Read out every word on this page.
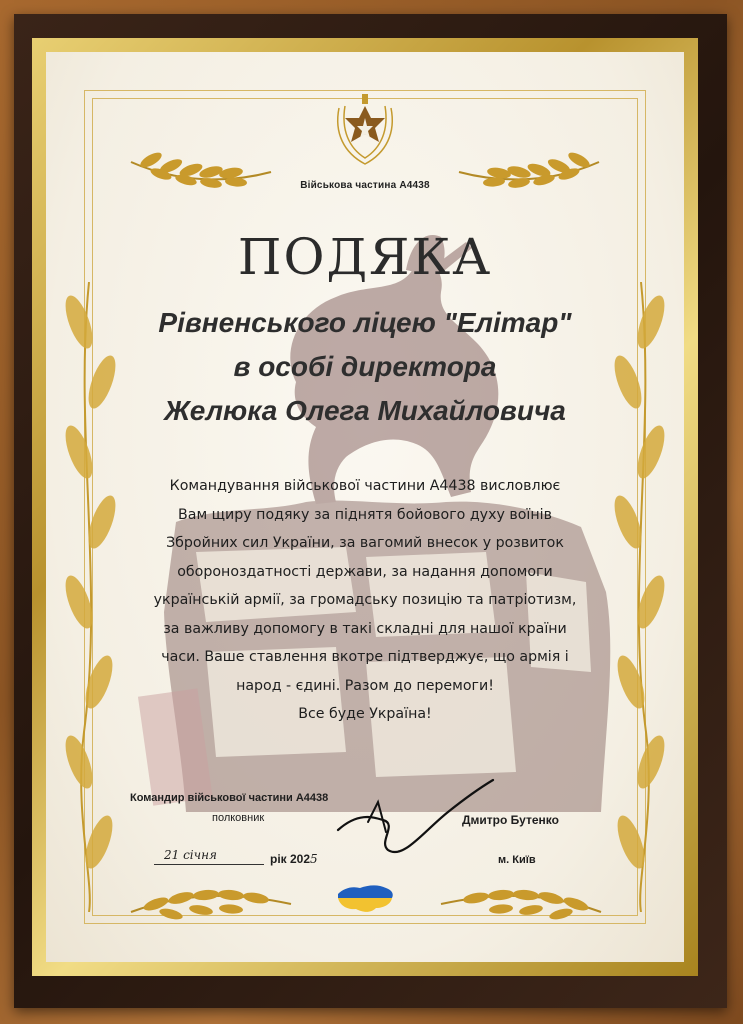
Військова частина А4438
ПОДЯКА
Рівненського ліцею "Елітар"
в особі директора
Желюка Олега Михайловича
Командування військової частини А4438 висловлює
Вам щиру подяку за піднятя бойового духу воїнів
Збройних сил України, за вагомий внесок у розвиток
обороноздатності держави, за надання допомоги
українській армії, за громадську позицію та патріотизм,
за важливу допомогу в такі складні для нашої країни
часи. Ваше ставлення вкотре підтверджує, що армія і
народ - єдині. Разом до перемоги!
Все буде Україна!
Командир військової частини А4438
полковник	Дмитро Бутенко
21 січня	рік 2025	м. Київ
